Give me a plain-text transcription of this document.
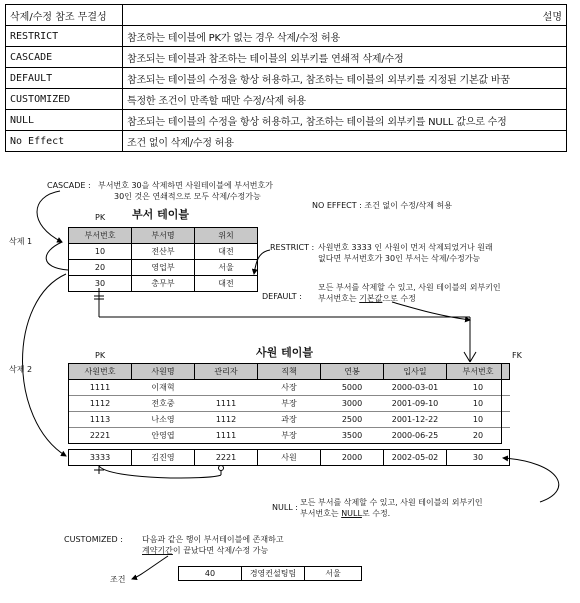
삭제/수정 참조 무결성	설명
RESTRICT	참조하는 테이블에 PK가 없는 경우 삭제/수정 허용
CASCADE	참조되는 테이블과 참조하는 테이블의 외부키를 연쇄적 삭제/수정
DEFAULT	참조되는 테이블의 수정을 항상 허용하고, 참조하는 테이블의 외부키를 지정된 기본값 바꿈
CUSTOMIZED	특정한 조건이 만족할 때만 수정/삭제 허용
NULL	참조되는 테이블의 수정을 항상 허용하고, 참조하는 테이블의 외부키를 NULL 값으로 수정
No Effect	조건 없이 삭제/수정 허용
CASCADE : 부서번호 30을 삭제하면 사원테이블에 부서번호가
30인 것은 연쇄적으로 모두 삭제/수정가능
NO EFFECT : 조건 없이 수정/삭제 허용
PK 부서 테이블
삭제 1
삭제 2
부서번호	부서명	위치
10	전산부	대전
20	영업부	서울
30	총무부	대전
RESTRICT : 사원번호 3333 인 사원이 먼저 삭제되었거나 원래
없다면 부서번호가 30인 부서는 삭제/수정가능
DEFAULT :
모든 부서를 삭제할 수 있고, 사원 테이블의 외부키인
부서번호는 기본값으로 수정
PK	사원 테이블	FK
사원번호	사원명	관리자	직책	연봉	입사일	부서번호
1111	이재혁		사장	5000	2000-03-01	10
1112	전호중	1111	부장	3000	2001-09-10	10
1113	나소영	1112	과장	2500	2001-12-22	10
2221	안영엽	1111	부장	3500	2000-06-25	20
3333	김진영	2221	사원	2000	2002-05-02	30
NULL :
모든 부서를 삭제할 수 있고, 사원 테이블의 외부키인
부서번호는 NULL로 수정.
CUSTOMIZED : 다음과 같은 행이 부서테이블에 존재하고
계약기간이 끝났다면 삭제/수정 가능
조건
40	경영컨설팅팀	서울
